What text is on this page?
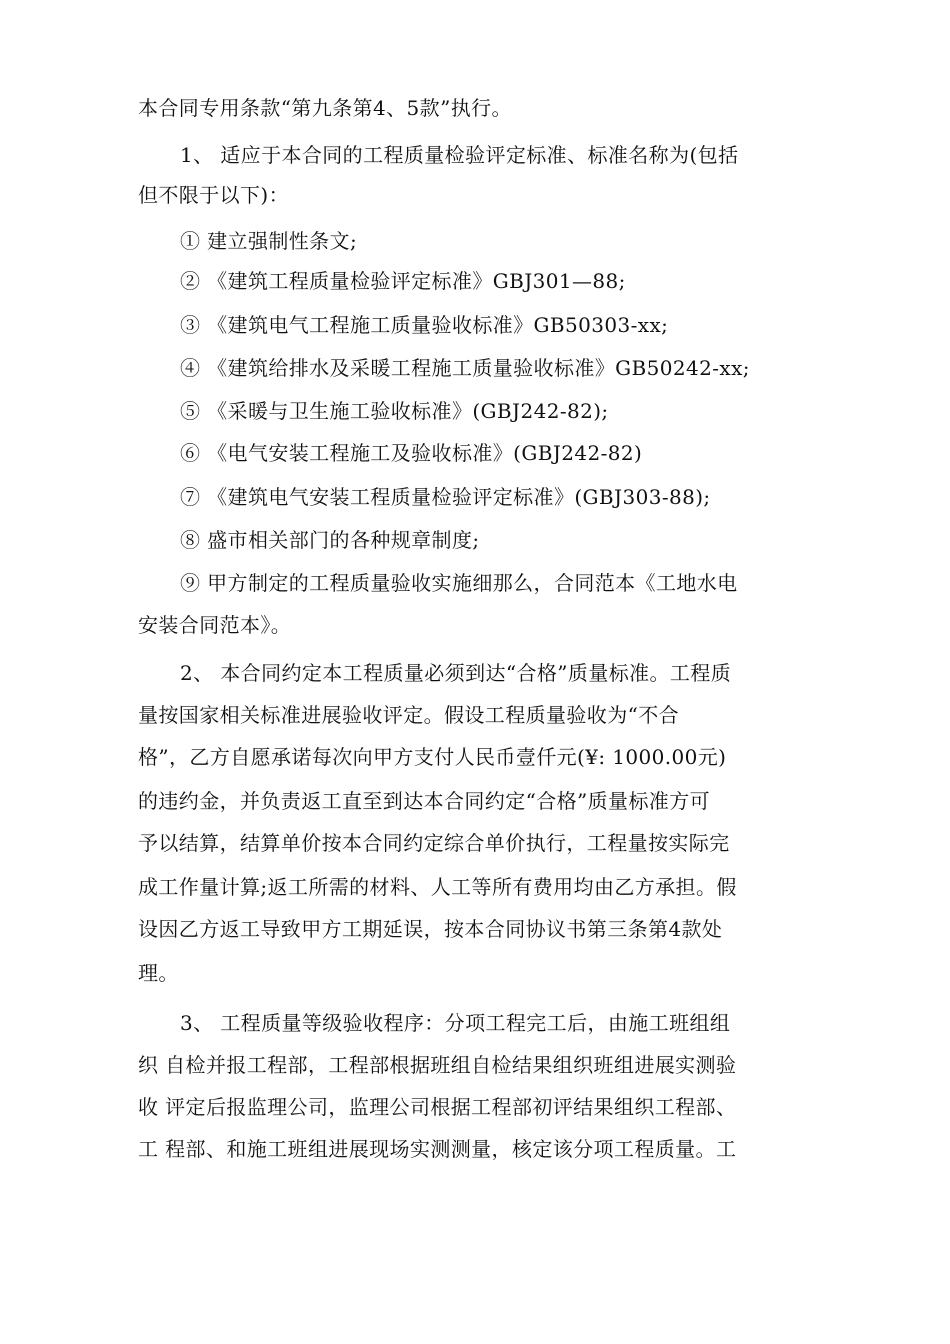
本合同专用条款“第九条第4、5款”执行。
1、 适应于本合同的工程质量检验评定标准、标准名称为(包括
但不限于以下)：
① 建立强制性条文;
② 《建筑工程质量检验评定标准》GBJ301—88;
③ 《建筑电气工程施工质量验收标准》GB50303-xx;
④ 《建筑给排水及采暖工程施工质量验收标准》GB50242-xx;
⑤ 《采暖与卫生施工验收标准》(GBJ242-82);
⑥ 《电气安装工程施工及验收标准》(GBJ242-82)
⑦ 《建筑电气安装工程质量检验评定标准》(GBJ303-88);
⑧ 盛市相关部门的各种规章制度;
⑨ 甲方制定的工程质量验收实施细那么，合同范本《工地水电
安装合同范本》。
2、 本合同约定本工程质量必须到达“合格”质量标准。工程质
量按国家相关标准进展验收评定。假设工程质量验收为“不合
格”，乙方自愿承诺每次向甲方支付人民币壹仟元(¥: 1000.00元)
的违约金，并负责返工直至到达本合同约定“合格”质量标准方可
予以结算，结算单价按本合同约定综合单价执行，工程量按实际完
成工作量计算;返工所需的材料、人工等所有费用均由乙方承担。假
设因乙方返工导致甲方工期延误，按本合同协议书第三条第4款处
理。
3、 工程质量等级验收程序：分项工程完工后，由施工班组组
织 自检并报工程部，工程部根据班组自检结果组织班组进展实测验
收 评定后报监理公司，监理公司根据工程部初评结果组织工程部、
工 程部、和施工班组进展现场实测测量，核定该分项工程质量。工
